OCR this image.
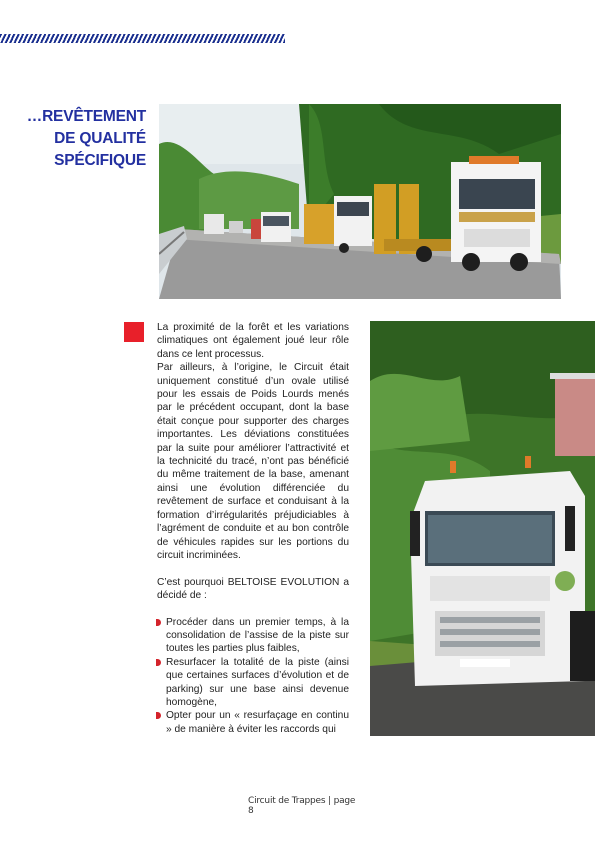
…REVÊTEMENT
DE QUALITÉ
SPÉCIFIQUE

La proximité de la forêt et les variations climatiques ont également joué leur rôle dans ce lent processus.

Par ailleurs, à l’origine, le Circuit était uniquement constitué d’un ovale utilisé pour les essais de Poids Lourds menés par le précédent occupant, dont la base était conçue pour supporter des charges importantes. Les déviations constituées par la suite pour améliorer l’attractivité et la technicité du tracé, n’ont pas bénéficié du même traitement de la base, amenant ainsi une évolution différenciée du revêtement de surface et conduisant à la formation d’irrégularités préjudiciables à l’agrément de conduite et au bon contrôle de véhicules rapides sur les portions du circuit incriminées.

C’est pourquoi BELTOISE EVOLUTION a décidé de :

Procéder dans un premier temps, à la consolidation de l’assise de la piste sur toutes les parties plus faibles,
Resurfacer la totalité de la piste (ainsi que certaines surfaces d’évolution et de parking) sur une base ainsi devenue homogène,
Opter pour un « resurfaçage en continu » de manière à éviter les raccords qui
Circuit de Trappes | page 8
